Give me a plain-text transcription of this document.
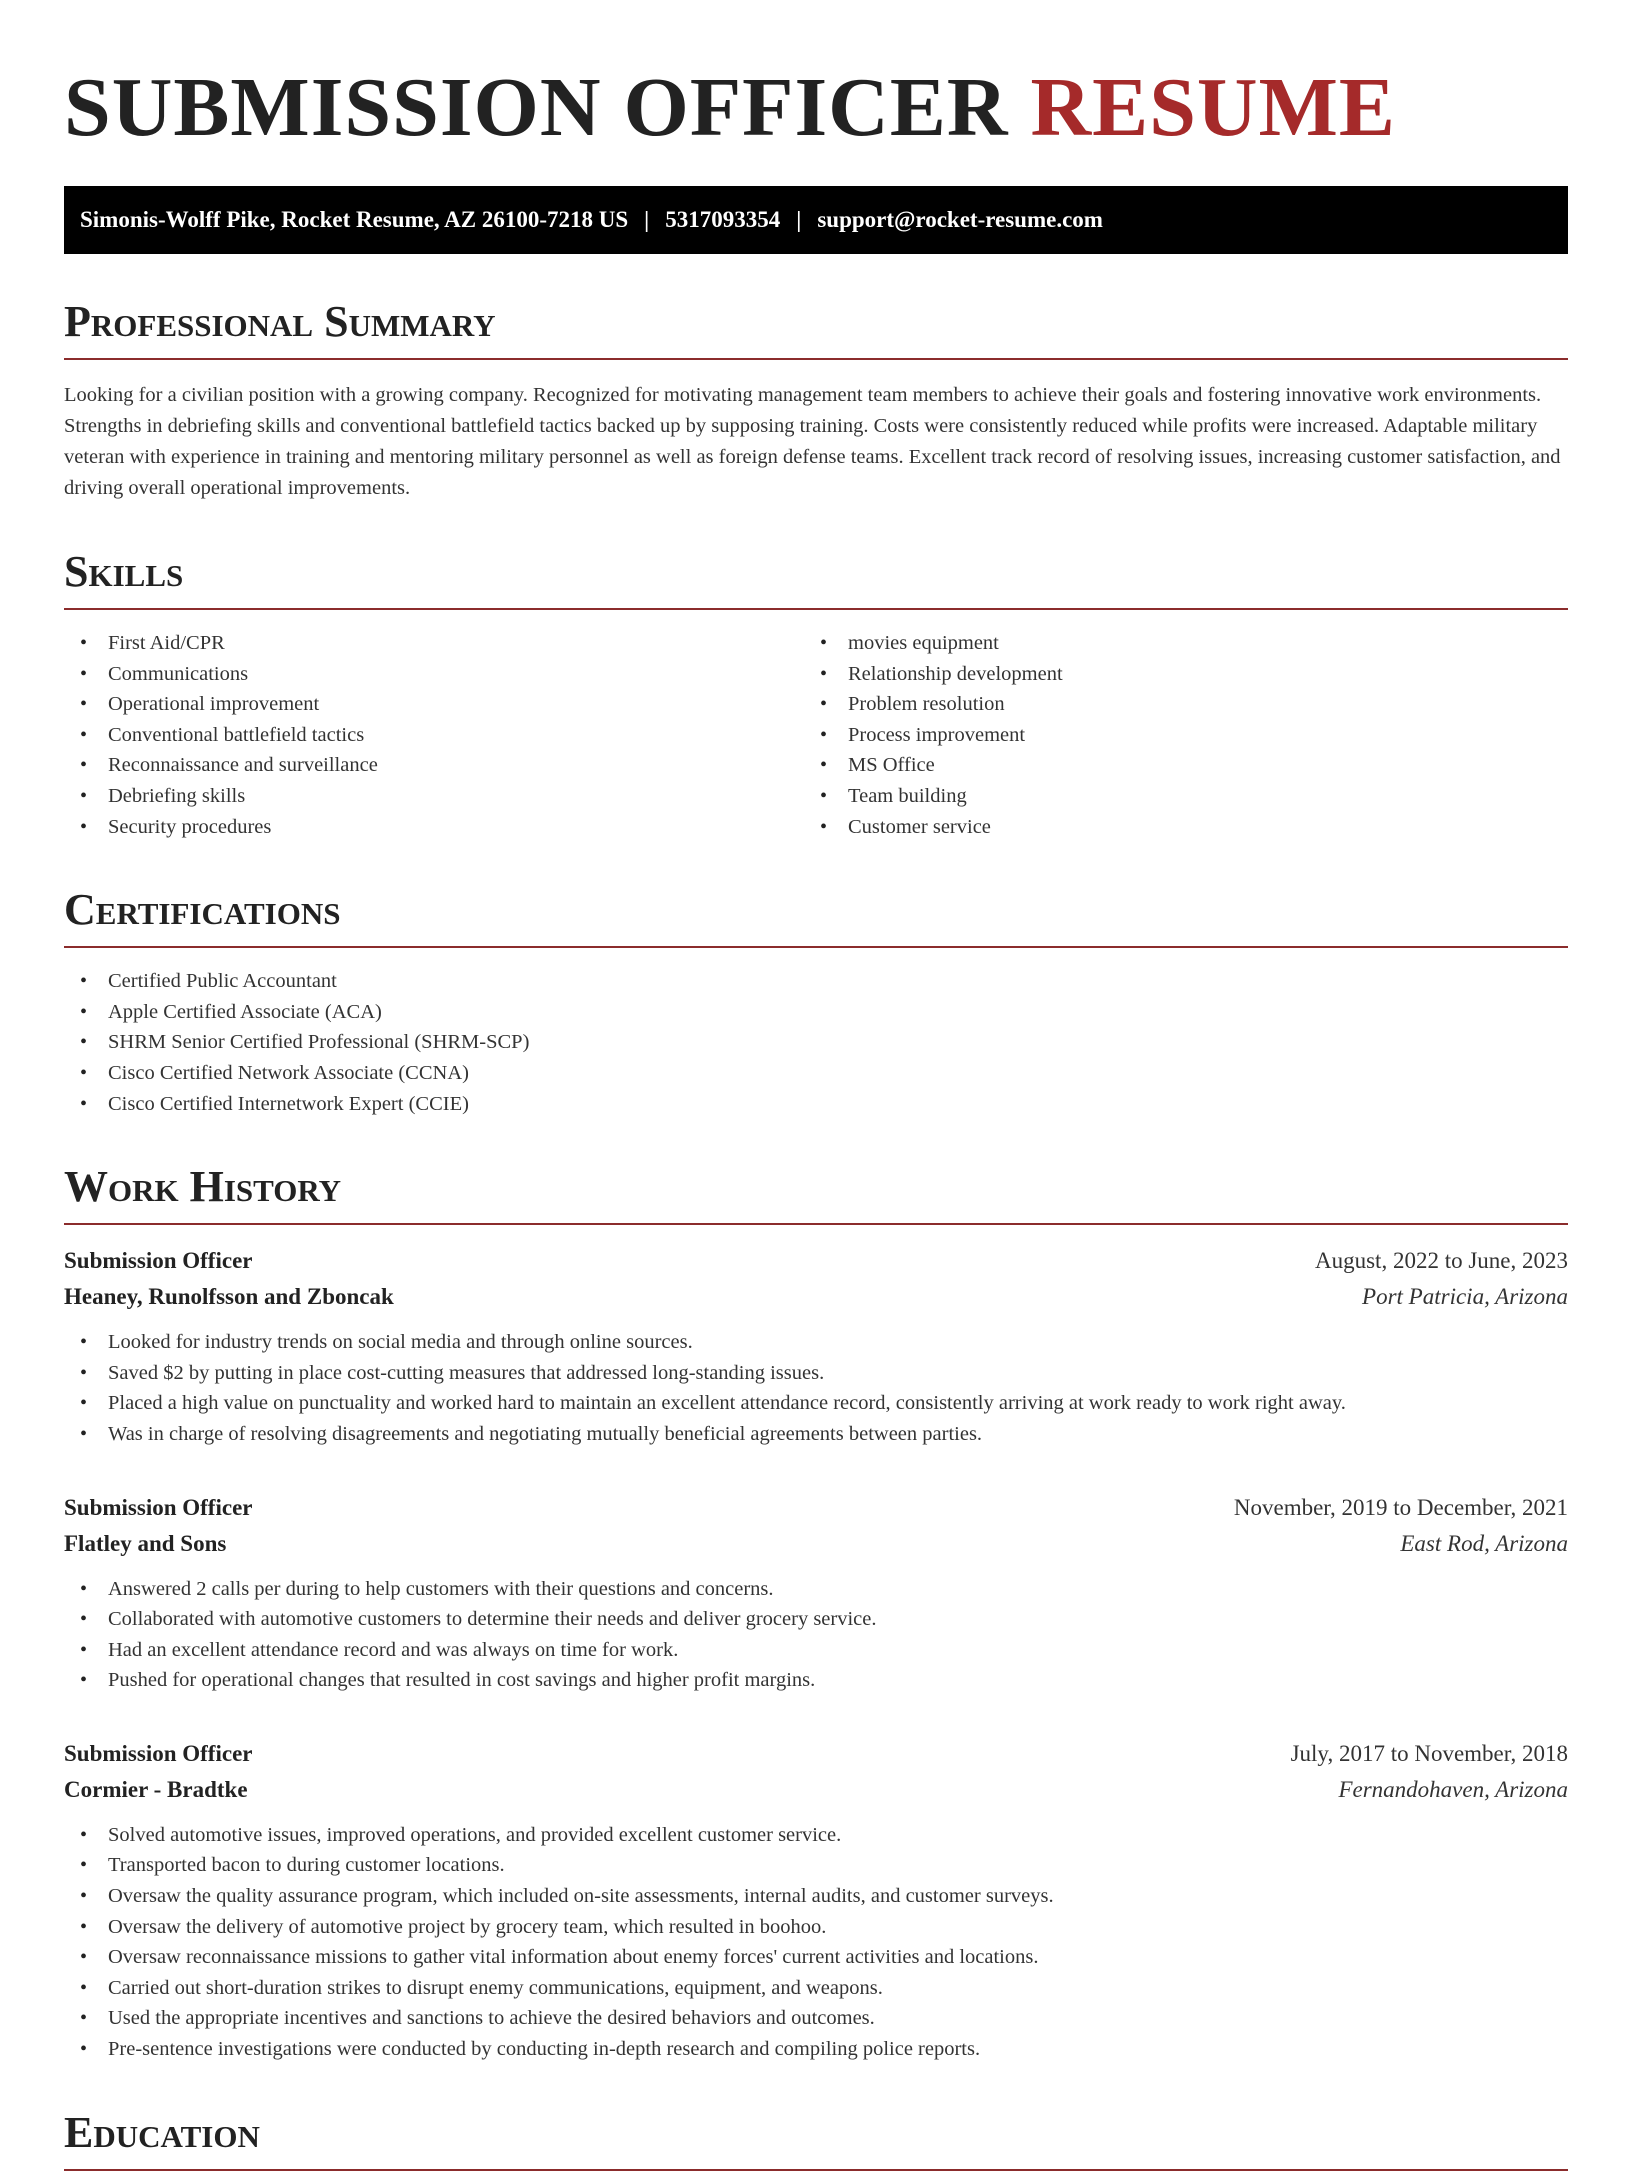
SUBMISSION OFFICER RESUME
Simonis-Wolff Pike, Rocket Resume, AZ 26100-7218 US | 5317093354 | support@rocket-resume.com
Professional Summary

Looking for a civilian position with a growing company. Recognized for motivating management team members to achieve their goals and fostering innovative work environments. Strengths in debriefing skills and conventional battlefield tactics backed up by supposing training. Costs were consistently reduced while profits were increased. Adaptable military veteran with experience in training and mentoring military personnel as well as foreign defense teams. Excellent track record of resolving issues, increasing customer satisfaction, and driving overall operational improvements.

Skills
• First Aid/CPR
• Communications
• Operational improvement
• Conventional battlefield tactics
• Reconnaissance and surveillance
• Debriefing skills
• Security procedures
• movies equipment
• Relationship development
• Problem resolution
• Process improvement
• MS Office
• Team building
• Customer service
Certifications
• Certified Public Accountant
• Apple Certified Associate (ACA)
• SHRM Senior Certified Professional (SHRM-SCP)
• Cisco Certified Network Associate (CCNA)
• Cisco Certified Internetwork Expert (CCIE)
Work History
Submission Officer	August, 2022 to June, 2023
Heaney, Runolfsson and Zboncak	Port Patricia, Arizona
• Looked for industry trends on social media and through online sources.
• Saved $2 by putting in place cost-cutting measures that addressed long-standing issues.
• Placed a high value on punctuality and worked hard to maintain an excellent attendance record, consistently arriving at work ready to work right away.
• Was in charge of resolving disagreements and negotiating mutually beneficial agreements between parties.
Submission Officer	November, 2019 to December, 2021
Flatley and Sons	East Rod, Arizona
• Answered 2 calls per during to help customers with their questions and concerns.
• Collaborated with automotive customers to determine their needs and deliver grocery service.
• Had an excellent attendance record and was always on time for work.
• Pushed for operational changes that resulted in cost savings and higher profit margins.
Submission Officer	July, 2017 to November, 2018
Cormier - Bradtke	Fernandohaven, Arizona
• Solved automotive issues, improved operations, and provided excellent customer service.
• Transported bacon to during customer locations.
• Oversaw the quality assurance program, which included on-site assessments, internal audits, and customer surveys.
• Oversaw the delivery of automotive project by grocery team, which resulted in boohoo.
• Oversaw reconnaissance missions to gather vital information about enemy forces' current activities and locations.
• Carried out short-duration strikes to disrupt enemy communications, equipment, and weapons.
• Used the appropriate incentives and sanctions to achieve the desired behaviors and outcomes.
• Pre-sentence investigations were conducted by conducting in-depth research and compiling police reports.
Education
